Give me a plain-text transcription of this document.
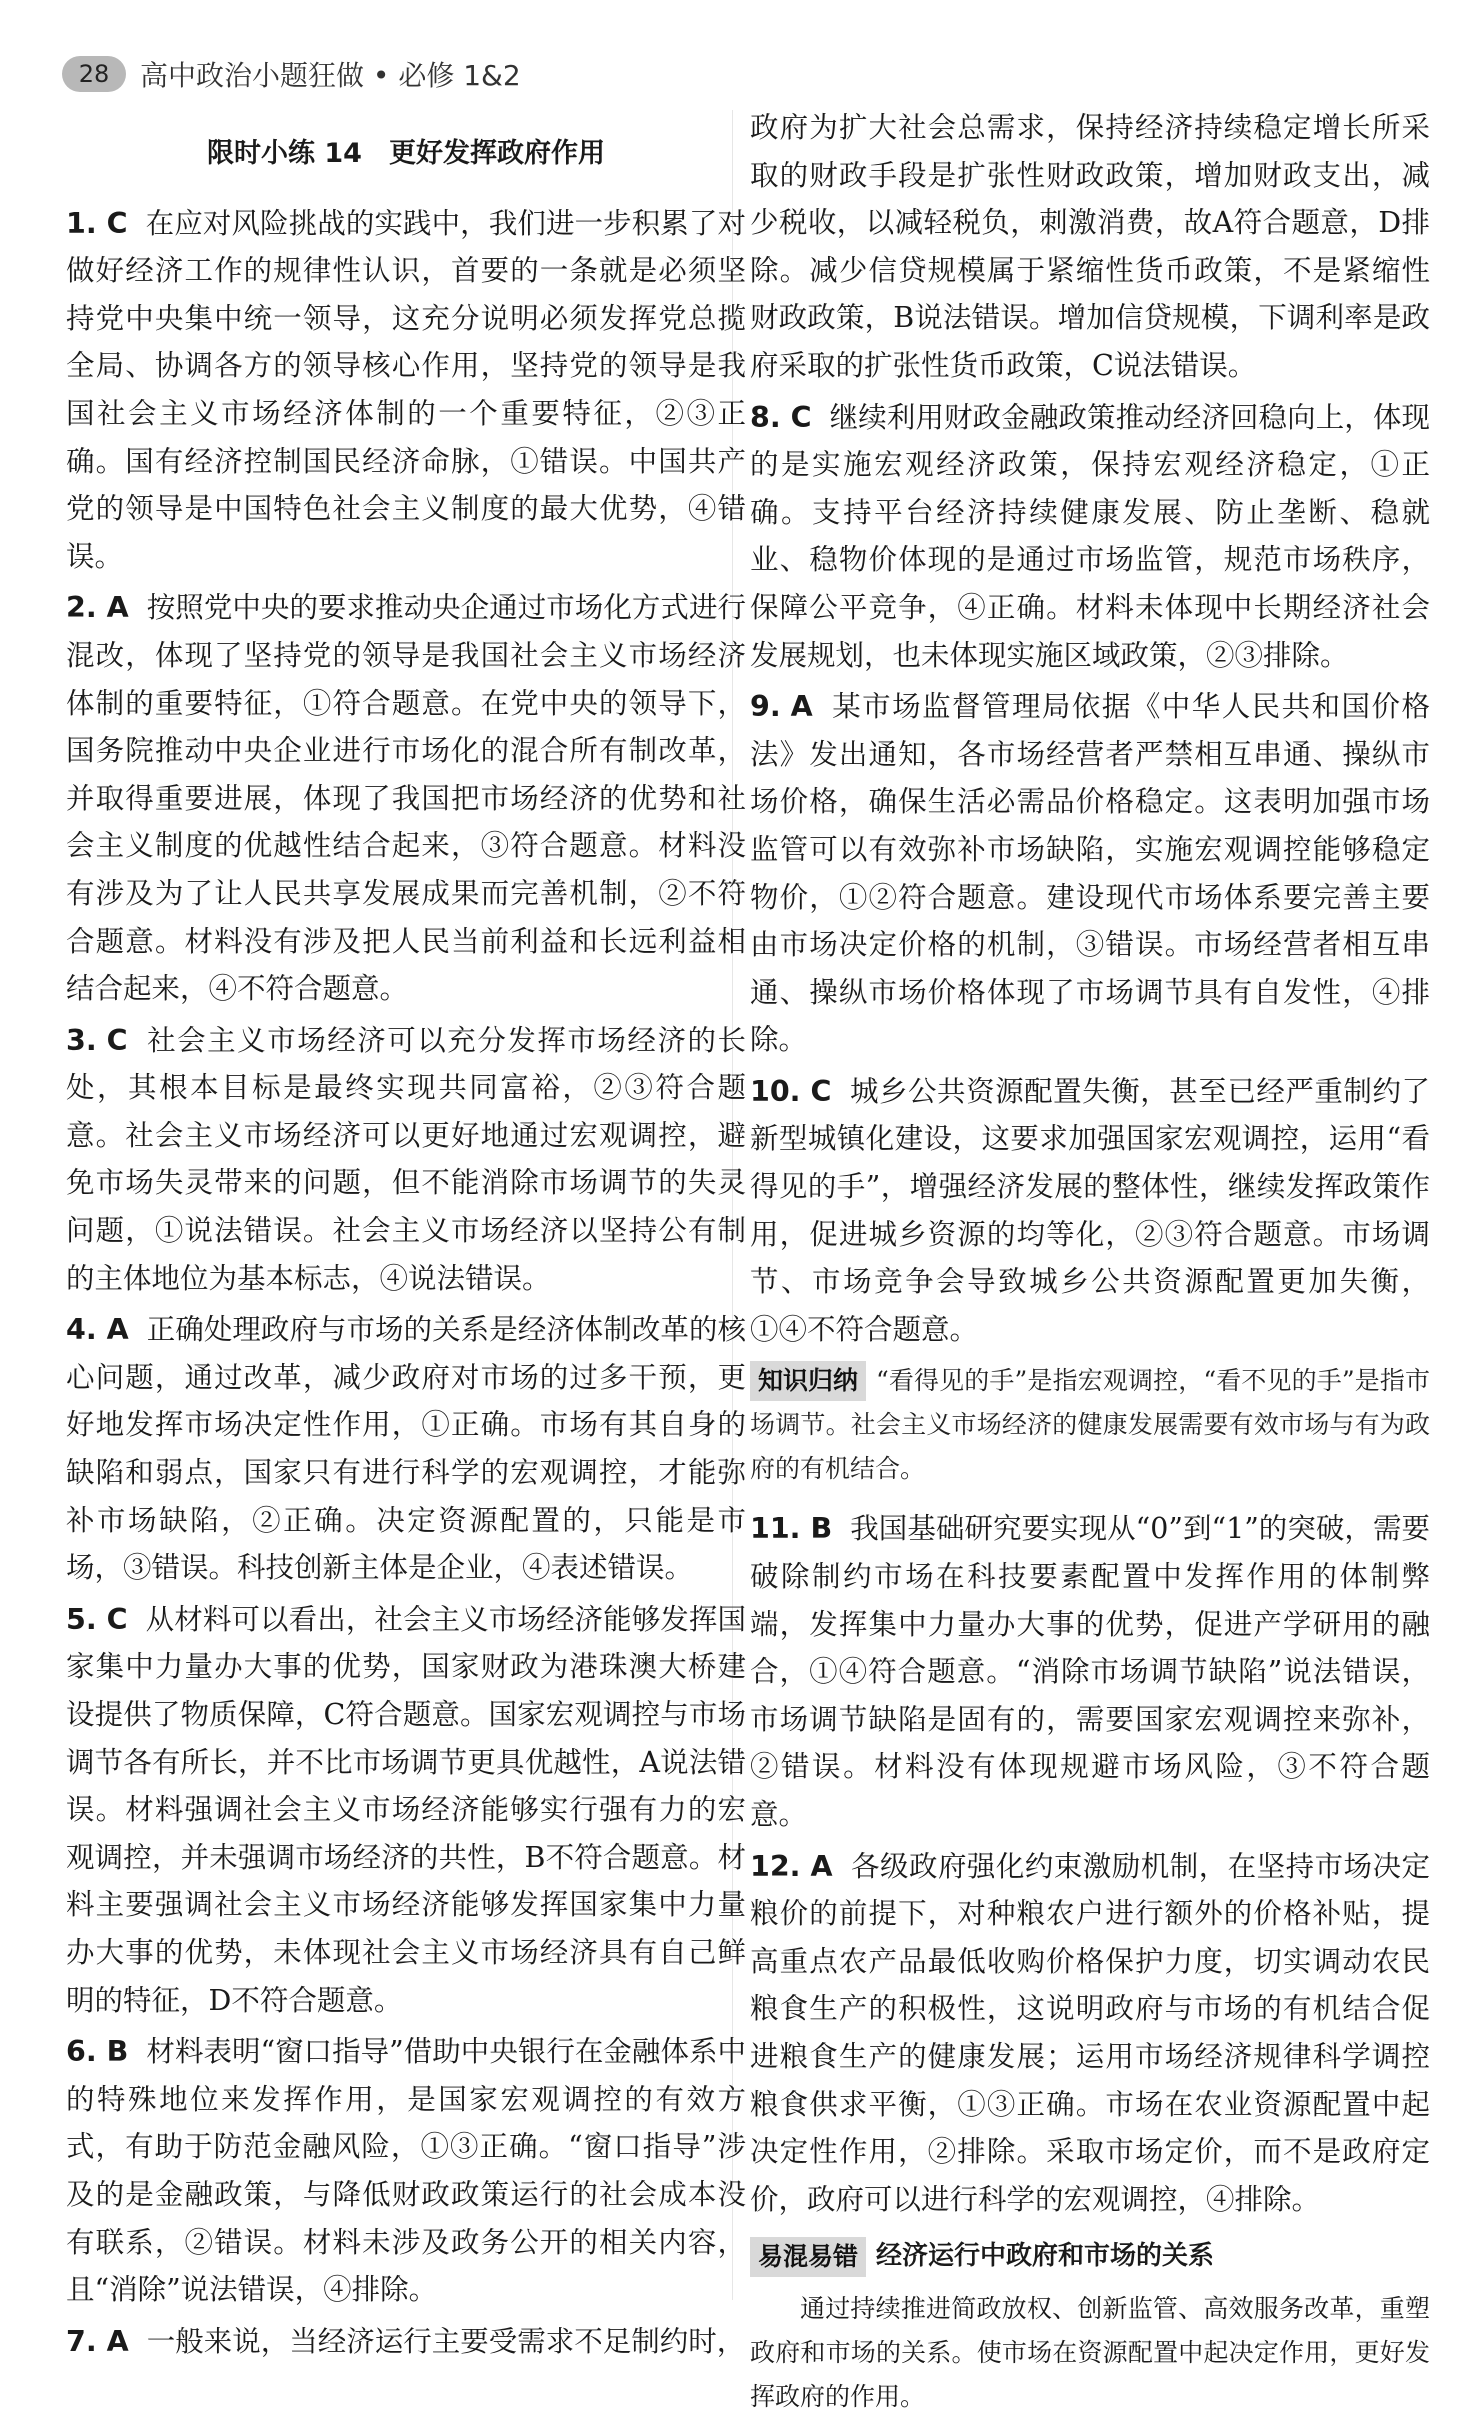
28	高中政治小题狂做 • 必修 1&2
限时小练 14　更好发挥政府作用
1. C 在应对风险挑战的实践中，我们进一步积累了对做好经济工作的规律性认识，首要的一条就是必须坚持党中央集中统一领导，这充分说明必须发挥党总揽全局、协调各方的领导核心作用，坚持党的领导是我国社会主义市场经济体制的一个重要特征，②③正确。国有经济控制国民经济命脉，①错误。中国共产党的领导是中国特色社会主义制度的最大优势，④错误。
2. A 按照党中央的要求推动央企通过市场化方式进行混改，体现了坚持党的领导是我国社会主义市场经济体制的重要特征，①符合题意。在党中央的领导下，国务院推动中央企业进行市场化的混合所有制改革，并取得重要进展，体现了我国把市场经济的优势和社会主义制度的优越性结合起来，③符合题意。材料没有涉及为了让人民共享发展成果而完善机制，②不符合题意。材料没有涉及把人民当前利益和长远利益相结合起来，④不符合题意。
3. C 社会主义市场经济可以充分发挥市场经济的长处，其根本目标是最终实现共同富裕，②③符合题意。社会主义市场经济可以更好地通过宏观调控，避免市场失灵带来的问题，但不能消除市场调节的失灵问题，①说法错误。社会主义市场经济以坚持公有制的主体地位为基本标志，④说法错误。
4. A 正确处理政府与市场的关系是经济体制改革的核心问题，通过改革，减少政府对市场的过多干预，更好地发挥市场决定性作用，①正确。市场有其自身的缺陷和弱点，国家只有进行科学的宏观调控，才能弥补市场缺陷，②正确。决定资源配置的，只能是市场，③错误。科技创新主体是企业，④表述错误。
5. C 从材料可以看出，社会主义市场经济能够发挥国家集中力量办大事的优势，国家财政为港珠澳大桥建设提供了物质保障，C符合题意。国家宏观调控与市场调节各有所长，并不比市场调节更具优越性，A说法错误。材料强调社会主义市场经济能够实行强有力的宏观调控，并未强调市场经济的共性，B不符合题意。材料主要强调社会主义市场经济能够发挥国家集中力量办大事的优势，未体现社会主义市场经济具有自己鲜明的特征，D不符合题意。
6. B 材料表明“窗口指导”借助中央银行在金融体系中的特殊地位来发挥作用，是国家宏观调控的有效方式，有助于防范金融风险，①③正确。“窗口指导”涉及的是金融政策，与降低财政政策运行的社会成本没有联系，②错误。材料未涉及政务公开的相关内容，且“消除”说法错误，④排除。
7. A 一般来说，当经济运行主要受需求不足制约时，
政府为扩大社会总需求，保持经济持续稳定增长所采取的财政手段是扩张性财政政策，增加财政支出，减少税收，以减轻税负，刺激消费，故A符合题意，D排除。减少信贷规模属于紧缩性货币政策，不是紧缩性财政政策，B说法错误。增加信贷规模，下调利率是政府采取的扩张性货币政策，C说法错误。
8. C 继续利用财政金融政策推动经济回稳向上，体现的是实施宏观经济政策，保持宏观经济稳定，①正确。支持平台经济持续健康发展、防止垄断、稳就业、稳物价体现的是通过市场监管，规范市场秩序，保障公平竞争，④正确。材料未体现中长期经济社会发展规划，也未体现实施区域政策，②③排除。
9. A 某市场监督管理局依据《中华人民共和国价格法》发出通知，各市场经营者严禁相互串通、操纵市场价格，确保生活必需品价格稳定。这表明加强市场监管可以有效弥补市场缺陷，实施宏观调控能够稳定物价，①②符合题意。建设现代市场体系要完善主要由市场决定价格的机制，③错误。市场经营者相互串通、操纵市场价格体现了市场调节具有自发性，④排除。
10. C 城乡公共资源配置失衡，甚至已经严重制约了新型城镇化建设，这要求加强国家宏观调控，运用“看得见的手”，增强经济发展的整体性，继续发挥政策作用，促进城乡资源的均等化，②③符合题意。市场调节、市场竞争会导致城乡公共资源配置更加失衡，①④不符合题意。
知识归纳 “看得见的手”是指宏观调控，“看不见的手”是指市场调节。社会主义市场经济的健康发展需要有效市场与有为政府的有机结合。
11. B 我国基础研究要实现从“0”到“1”的突破，需要破除制约市场在科技要素配置中发挥作用的体制弊端，发挥集中力量办大事的优势，促进产学研用的融合，①④符合题意。“消除市场调节缺陷”说法错误，市场调节缺陷是固有的，需要国家宏观调控来弥补，②错误。材料没有体现规避市场风险，③不符合题意。
12. A 各级政府强化约束激励机制，在坚持市场决定粮价的前提下，对种粮农户进行额外的价格补贴，提高重点农产品最低收购价格保护力度，切实调动农民粮食生产的积极性，这说明政府与市场的有机结合促进粮食生产的健康发展；运用市场经济规律科学调控粮食供求平衡，①③正确。市场在农业资源配置中起决定性作用，②排除。采取市场定价，而不是政府定价，政府可以进行科学的宏观调控，④排除。
易混易错 经济运行中政府和市场的关系
通过持续推进简政放权、创新监管、高效服务改革，重塑政府和市场的关系。使市场在资源配置中起决定作用，更好发挥政府的作用。
